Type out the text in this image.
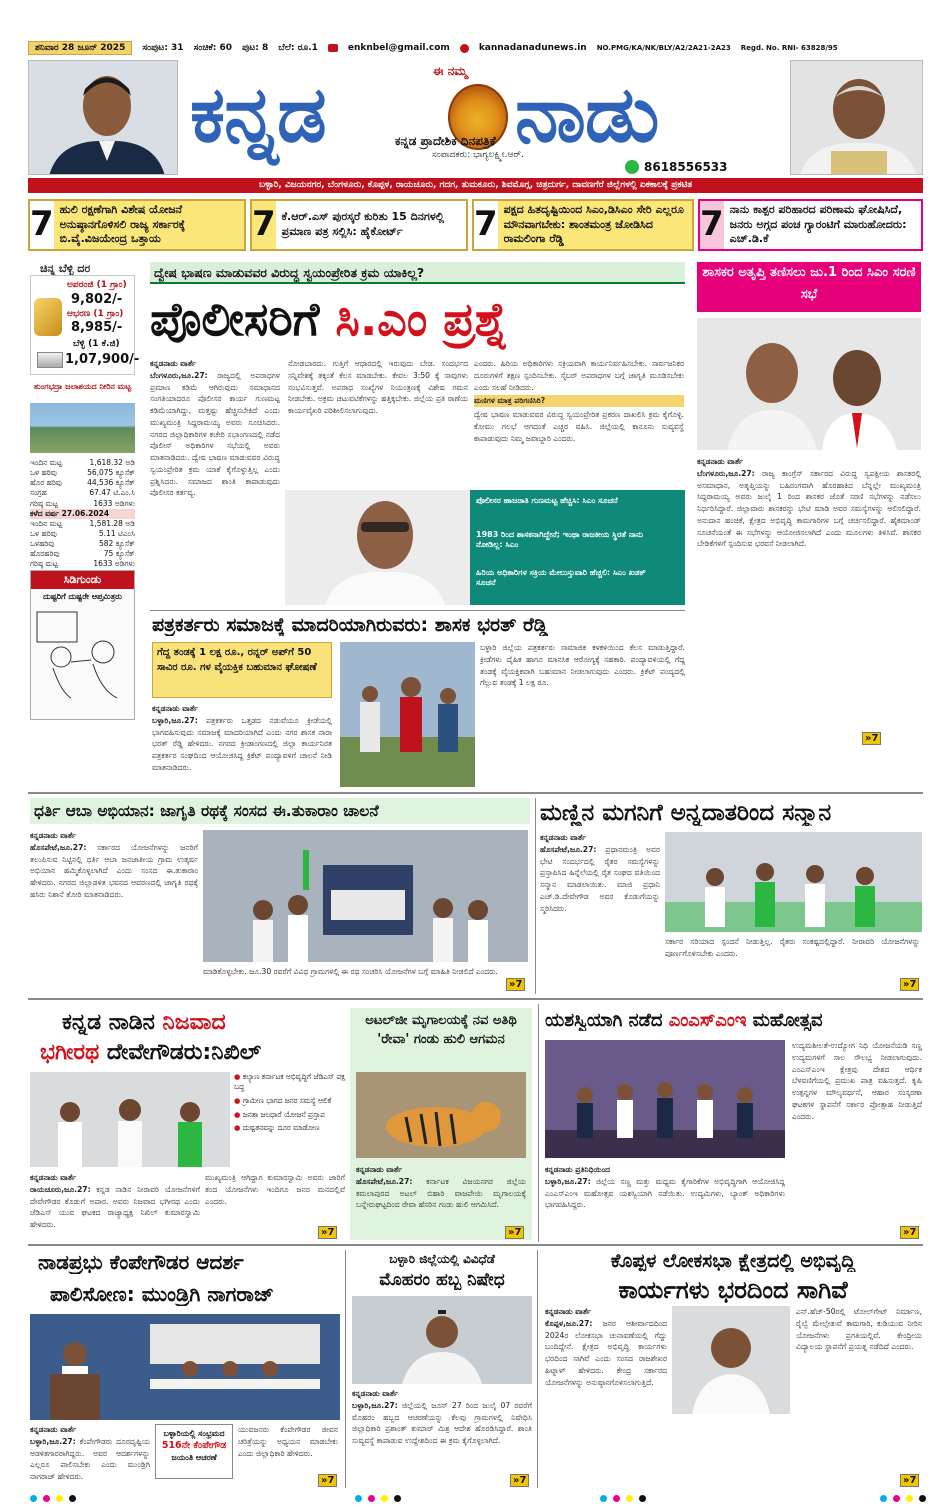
ಶನಿವಾರ 28 ಜೂನ್ 2025	ಸಂಪುಟ: 31 ಸಂಚಿಕೆ: 60 ಪುಟ: 8 ಬೆಲೆ: ರೂ.1	enknbel@gmail.com	kannadanadunews.in NO.PMG/KA/NK/BLY/A2/2A21-2A23 Regd. No. RNI- 63828/95
ಈ ನಮ್ಮ
ಕನ್ನಡ ನಾಡು
ಕನ್ನಡ ಪ್ರಾದೇಶಿಕ ದಿನಪತ್ರಿಕೆ
ಸಂಪಾದಕರು: ಭಾಗ್ಯಲಕ್ಷ್ಮೀ.ಆರ್.
8618556533
ಬಳ್ಳಾರಿ, ವಿಜಯನಗರ, ಬೆಂಗಳೂರು, ಕೊಪ್ಪಳ, ರಾಯಚೂರು, ಗದಗ, ತುಮಕೂರು, ಶಿವಮೊಗ್ಗ, ಚಿತ್ರದುರ್ಗ, ದಾವಣಗೆರೆ ಜಿಲ್ಲೆಗಳಲ್ಲಿ ಏಕಕಾಲಕ್ಕೆ ಪ್ರಕಟಿತ
7 ಹುಲಿ ರಕ್ಷಣೆಗಾಗಿ ವಿಶೇಷ ಯೋಜನೆ ಅನುಷ್ಠಾನಗೊಳಿಸಲಿ ರಾಜ್ಯ ಸರ್ಕಾರಕ್ಕೆ ಬಿ.ವೈ.ವಿಜಯೇಂದ್ರ ಒತ್ತಾಯ	7 ಕೆ.ಆರ್.ಎಸ್ ಪುರಸ್ಕರೆ ಕುರಿತು 15 ದಿನಗಳಲ್ಲಿ ಪ್ರಮಾಣ ಪತ್ರ ಸಲ್ಲಿಸಿ: ಹೈಕೋರ್ಟ್	7 ಪಕ್ಷದ ಹಿತದೃಷ್ಟಿಯಿಂದ ಸಿಎಂ,ಡಿಸಿಎಂ ಸೇರಿ ಎಲ್ಲರೂ ಮೌನವಾಗಬೇಕು: ಶಾಂತಮಂತ್ರ ಜೋಡಿಸಿದ ರಾಮಲಿಂಗಾ ರೆಡ್ಡಿ	7 ನಾನು ಕಾಶ್ಪರ ಪರಿಹಾರದ ಪರಿಣಾಮ ಘೋಷಿಸಿದೆ, ಜನರು ಅಗ್ಗದ ಪಂಚ ಗ್ಯಾರಂಟಿಗೆ ಮಾರುಹೋದರು: ಎಚ್.ಡಿ.ಕೆ
ಚಿನ್ನ ಬೆಳ್ಳಿ ದರ
ಅಪರಂಜಿ (1 ಗ್ರಾಂ)
9,802/-
ಆಭರಣ (1 ಗ್ರಾಂ)
8,985/-
ಬೆಳ್ಳಿ (1 ಕೆ.ಜಿ)
1,07,900/-
ತುಂಗಭದ್ರಾ ಜಲಾಶಯದ ನೀರಿನ ಮಟ್ಟ
ಇಂದಿನ ಮಟ್ಟ	1,618.32 ಅಡಿ
ಒಳ ಹರಿವು	56,075 ಕ್ಯೂಸೆಕ್
ಹೊರ ಹರಿವು	44,536 ಕ್ಯೂಸೆಕ್
ಸಂಗ್ರಹ	67.47 ಟಿ.ಎಂ.ಸಿ
ಗರಿಷ್ಠ ಮಟ್ಟ	1633 ಅಡಿಗಳು
ಕಳೆದ ವರ್ಷ 27.06.2024
ಇಂದಿನ ಮಟ್ಟ	1,581.28 ಅಡಿ
ಒಳ ಹರಿವು	5.11 ಟಿಎಂಸಿ
ಒಳಹರಿವು	582 ಕ್ಯೂಸೆಕ್
ಹೊರಹರಿವು	75 ಕ್ಯೂಸೆಕ್
ಗರಿಷ್ಠ ಮಟ್ಟ	1633 ಅಡಿಗಳು
ಸಿಡಿಗುಂಡು
ದುಷ್ಟರಿಗೆ ದುಷ್ಟರೇ ಆಪ್ತಮಿತ್ರರು
ದ್ವೇಷ ಭಾಷಣ ಮಾಡುವವರ ವಿರುದ್ಧ ಸ್ವಯಂಪ್ರೇರಿತ ಕ್ರಮ ಯಾಕಿಲ್ಲ?
ಪೊಲೀಸರಿಗೆ ಸಿ.ಎಂ ಪ್ರಶ್ನೆ
ಕನ್ನಡನಾಡು ವಾರ್ತೆ
ಬೆಂಗಳೂರು,ಜೂ.27: ರಾಜ್ಯದಲ್ಲಿ ಅಪರಾಧಗಳ ಪ್ರಮಾಣ ಕಡಿಮೆ ಆಗಿರುವುದು ಸಮಾಧಾನದ ಸಂಗತಿಯಾದರೂ ಪೊಲೀಸರ ಕಾರ್ಯ ಗುಣಮಟ್ಟ ಕಡಿಮೆಯಾಗಿದ್ದು, ಮತ್ತಷ್ಟು ಹೆಚ್ಚಿಸಬೇಕಿದೆ ಎಂದು ಮುಖ್ಯಮಂತ್ರಿ ಸಿದ್ದರಾಮಯ್ಯ ಅವರು ಸೂಚಿಸಿದರು. ನಗರದ ಜಿಲ್ಲಾಧಿಕಾರಿಗಳ ಕಚೇರಿ ಸಭಾಂಗಣದಲ್ಲಿ ನಡೆದ ಪೊಲೀಸ್ ಅಧಿಕಾರಿಗಳ ಸಭೆಯಲ್ಲಿ ಅವರು ಮಾತನಾಡಿದರು. ದ್ವೇಷ ಭಾಷಣ ಮಾಡುವವರ ವಿರುದ್ಧ ಸ್ವಯಂಪ್ರೇರಿತ ಕ್ರಮ ಯಾಕೆ ಕೈಗೊಳ್ಳುತ್ತಿಲ್ಲ ಎಂದು ಪ್ರಶ್ನಿಸಿದರು. ಸಮಾಜದ ಶಾಂತಿ ಕಾಪಾಡುವುದು ಪೊಲೀಸರ ಕರ್ತವ್ಯ.
ನೋಡಬಾರದು. ಗುತ್ತಿಗೆ ಆಧಾರದಲ್ಲಿ ಇರುವುದು ಬೇಡ. ಸಂದರ್ಭದ ಸನ್ನಿವೇಶಕ್ಕೆ ತಕ್ಕಂತೆ ಕೆಲಸ ಮಾಡಬೇಕು. ಕೇವಲ 3:50 ಕ್ಕೆ ಸಾವುಗಳು ಸಂಭವಿಸುತ್ತವೆ. ಅಪರಾಧ ಸಂಖ್ಯೆಗಳ ನಿಯಂತ್ರಣಕ್ಕೆ ವಿಶೇಷ ಗಮನ ನೀಡಬೇಕು. ಅಕ್ರಮ ಚಟುವಟಿಕೆಗಳನ್ನು ಹತ್ತಿಕ್ಕಬೇಕು. ಜಿಲ್ಲೆಯ ಪ್ರತಿ ಠಾಣೆಯ ಕಾರ್ಯವೈಖರಿ ಪರಿಶೀಲಿಸಲಾಗುವುದು.
ಎಂದರು. ಹಿರಿಯ ಅಧಿಕಾರಿಗಳು ಸಕ್ರಿಯವಾಗಿ ಕಾರ್ಯನಿರ್ವಹಿಸಬೇಕು. ಸಾರ್ವಜನಿಕರ ದೂರುಗಳಿಗೆ ತಕ್ಷಣ ಸ್ಪಂದಿಸಬೇಕು. ಸೈಬರ್ ಅಪರಾಧಗಳ ಬಗ್ಗೆ ಜಾಗೃತಿ ಮೂಡಿಸಬೇಕು ಎಂದು ಸಲಹೆ ನೀಡಿದರು.
ಮಣಿಗಳ ಮಾತ್ರ ಪರಿಗಣಿಸಿರಿ?
ದ್ವೇಷ ಭಾಷಣ ಮಾಡುವವರ ವಿರುದ್ಧ ಸ್ವಯಂಪ್ರೇರಿತ ಪ್ರಕರಣ ದಾಖಲಿಸಿ ಕ್ರಮ ಕೈಗೊಳ್ಳಿ. ಕೋಮು ಗಲಭೆ ಆಗದಂತೆ ಎಚ್ಚರ ವಹಿಸಿ. ಜಿಲ್ಲೆಯಲ್ಲಿ ಕಾನೂನು ಸುವ್ಯವಸ್ಥೆ ಕಾಪಾಡುವುದು ನಿಮ್ಮ ಜವಾಬ್ದಾರಿ ಎಂದರು.
ಪೊಲೀಸರ ಹಾಜರಾತಿ ಗುಣಮಟ್ಟ ಹೆಚ್ಚಿಸಿ: ಸಿಎಂ ಸೂಚನೆ
1983 ರಿಂದ ಶಾಸಕನಾಗಿದ್ದೇನೆ; ಇಂಥಾ ರಾಜಕೀಯ ಸ್ಥಿರತೆ ನಾನು ನೋಡಿಲ್ಲ: ಸಿಎಂ
ಹಿರಿಯ ಅಧಿಕಾರಿಗಳ ಸಕ್ರಿಯ ಮೇಲುಸ್ತುವಾರಿ ಹೆಚ್ಚಲಿ: ಸಿಎಂ ಖಡಕ್ ಸೂಚನೆ
ಶಾಸಕರ ಅತೃಪ್ತಿ ತಣಿಸಲು ಜು.1 ರಿಂದ ಸಿಎಂ ಸರಣಿ ಸಭೆ
ಕನ್ನಡನಾಡು ವಾರ್ತೆ
ಬೆಂಗಳೂರು,ಜೂ.27: ರಾಜ್ಯ ಕಾಂಗ್ರೆಸ್ ಸರ್ಕಾರದ ವಿರುದ್ಧ ಸ್ವಪಕ್ಷೀಯ ಶಾಸಕರಲ್ಲಿ ಅಸಮಾಧಾನ, ಅತೃಪ್ತಿಯನ್ನು ಬಹಿರಂಗವಾಗಿ ಹೊರಹಾಕಿದ ಬೆನ್ನಲ್ಲೇ ಮುಖ್ಯಮಂತ್ರಿ ಸಿದ್ದರಾಮಯ್ಯ ಅವರು ಜುಲೈ 1 ರಿಂದ ಶಾಸಕರ ಜೊತೆ ಸರಣಿ ಸಭೆಗಳನ್ನು ನಡೆಸಲು ನಿರ್ಧರಿಸಿದ್ದಾರೆ. ಜಿಲ್ಲಾವಾರು ಶಾಸಕರನ್ನು ಭೇಟಿ ಮಾಡಿ ಅವರ ಸಮಸ್ಯೆಗಳನ್ನು ಆಲಿಸಲಿದ್ದಾರೆ. ಅನುದಾನ ಹಂಚಿಕೆ, ಕ್ಷೇತ್ರದ ಅಭಿವೃದ್ಧಿ ಕಾಮಗಾರಿಗಳ ಬಗ್ಗೆ ಚರ್ಚಿಸಲಿದ್ದಾರೆ. ಹೈಕಮಾಂಡ್ ಸೂಚನೆಯಂತೆ ಈ ಸಭೆಗಳನ್ನು ಆಯೋಜಿಸಲಾಗಿದೆ ಎಂದು ಮೂಲಗಳು ತಿಳಿಸಿವೆ. ಶಾಸಕರ ಬೇಡಿಕೆಗಳಿಗೆ ಸ್ಪಂದಿಸುವ ಭರವಸೆ ನೀಡಲಾಗಿದೆ.
»7
ಪತ್ರಕರ್ತರು ಸಮಾಜಕ್ಕೆ ಮಾದರಿಯಾಗಿರುವರು: ಶಾಸಕ ಭರತ್ ರೆಡ್ಡಿ
ಗೆದ್ದ ತಂಡಕ್ಕೆ 1 ಲಕ್ಷ ರೂ., ರನ್ನರ್ ಅಪ್‌ಗೆ 50 ಸಾವಿರ ರೂ. ಗಳ ವೈಯಕ್ತಿಕ ಬಹುಮಾನ ಘೋಷಣೆ
ಕನ್ನಡನಾಡು ವಾರ್ತೆ
ಬಳ್ಳಾರಿ,ಜೂ.27: ಪತ್ರಕರ್ತರು ಒತ್ತಡದ ನಡುವೆಯೂ ಕ್ರೀಡೆಯಲ್ಲಿ ಭಾಗವಹಿಸುವುದು ಸಮಾಜಕ್ಕೆ ಮಾದರಿಯಾಗಿದೆ ಎಂದು ನಗರ ಶಾಸಕ ನಾರಾ ಭರತ್ ರೆಡ್ಡಿ ಹೇಳಿದರು. ನಗರದ ಕ್ರೀಡಾಂಗಣದಲ್ಲಿ ಜಿಲ್ಲಾ ಕಾರ್ಯನಿರತ ಪತ್ರಕರ್ತರ ಸಂಘದಿಂದ ಆಯೋಜಿಸಿದ್ದ ಕ್ರಿಕೆಟ್ ಪಂದ್ಯಾವಳಿಗೆ ಚಾಲನೆ ನೀಡಿ ಮಾತನಾಡಿದರು.
ಬಳ್ಳಾರಿ ಜಿಲ್ಲೆಯ ಪತ್ರಕರ್ತರು ಸಾಮಾಜಿಕ ಕಳಕಳಿಯಿಂದ ಕೆಲಸ ಮಾಡುತ್ತಿದ್ದಾರೆ. ಕ್ರೀಡೆಗಳು ದೈಹಿಕ ಹಾಗೂ ಮಾನಸಿಕ ಆರೋಗ್ಯಕ್ಕೆ ಸಹಕಾರಿ. ಪಂದ್ಯಾವಳಿಯಲ್ಲಿ ಗೆದ್ದ ತಂಡಕ್ಕೆ ವೈಯಕ್ತಿಕವಾಗಿ ಬಹುಮಾನ ನೀಡಲಾಗುವುದು ಎಂದರು. ಕ್ರಿಕೆಟ್ ಪಂದ್ಯದಲ್ಲಿ ಗೆಲ್ಲುವ ತಂಡಕ್ಕೆ 1 ಲಕ್ಷ ರೂ.
ಧರ್ತಿ ಆಬಾ ಅಭಿಯಾನ: ಜಾಗೃತಿ ರಥಕ್ಕೆ ಸಂಸದ ಈ.ತುಕಾರಾಂ ಚಾಲನೆ
ಕನ್ನಡನಾಡು ವಾರ್ತೆ
ಹೊಸಪೇಟೆ,ಜೂ.27: ಸರ್ಕಾರದ ಯೋಜನೆಗಳನ್ನು ಜನರಿಗೆ ತಲುಪಿಸುವ ನಿಟ್ಟಿನಲ್ಲಿ ಧರ್ತಿ ಆಬಾ ಜನಜಾತೀಯ ಗ್ರಾಮ ಉತ್ಕರ್ಷ ಅಭಿಯಾನ ಹಮ್ಮಿಕೊಳ್ಳಲಾಗಿದೆ ಎಂದು ಸಂಸದ ಈ.ತುಕಾರಾಂ ಹೇಳಿದರು. ನಗರದ ಜಿಲ್ಲಾಡಳಿತ ಭವನದ ಆವರಣದಲ್ಲಿ ಜಾಗೃತಿ ರಥಕ್ಕೆ ಹಸಿರು ನಿಶಾನೆ ತೋರಿ ಮಾತನಾಡಿದರು.
ಮಾಡಿಕೊಳ್ಳಬೇಕು. ಜೂ.30 ರವರೆಗೆ ವಿವಿಧ ಗ್ರಾಮಗಳಲ್ಲಿ ಈ ರಥ ಸಂಚರಿಸಿ ಯೋಜನೆಗಳ ಬಗ್ಗೆ ಮಾಹಿತಿ ನೀಡಲಿದೆ ಎಂದರು.
»7
ಮಣ್ಣಿನ ಮಗನಿಗೆ ಅನ್ನದಾತರಿಂದ ಸನ್ಮಾನ
ಕನ್ನಡನಾಡು ವಾರ್ತೆ
ಹೊಸಪೇಟೆ,ಜೂ.27: ಪ್ರಧಾನಮಂತ್ರಿ ಅವರ ಭೇಟಿ ಸಂದರ್ಭದಲ್ಲಿ ರೈತರ ಸಮಸ್ಯೆಗಳನ್ನು ಪ್ರಸ್ತಾಪಿಸಿದ ಹಿನ್ನೆಲೆಯಲ್ಲಿ ರೈತ ಸಂಘದ ವತಿಯಿಂದ ಸನ್ಮಾನ ಮಾಡಲಾಯಿತು. ಮಾಜಿ ಪ್ರಧಾನಿ ಎಚ್.ಡಿ.ದೇವೇಗೌಡ ಅವರ ಕೊಡುಗೆಯನ್ನು ಸ್ಮರಿಸಿದರು.
ಸರ್ಕಾರ ಸರಿಯಾದ ಸ್ಪಂದನೆ ನೀಡುತ್ತಿಲ್ಲ. ರೈತರು ಸಂಕಷ್ಟದಲ್ಲಿದ್ದಾರೆ. ನೀರಾವರಿ ಯೋಜನೆಗಳನ್ನು ಪೂರ್ಣಗೊಳಿಸಬೇಕು ಎಂದರು.
»7
ಕನ್ನಡ ನಾಡಿನ ನಿಜವಾದ
ಭಗೀರಥ ದೇವೇಗೌಡರು:ನಿಖಿಲ್
● ಕಲ್ಯಾಣ ಕರ್ನಾಟಕ ಅಭಿವೃದ್ಧಿಗೆ ಜೆಡಿಎಸ್ ಪಕ್ಷ ಬದ್ಧ
● ಗ್ರಾಮೀಣ ಭಾಗದ ಜನರ ಸಮಸ್ಯೆ ಆಲಿಕೆ
● ಜನತಾ ಜಲಧಾರೆ ಯೋಜನೆ ಪ್ರಸ್ತಾಪ
● ದುಷ್ಟತನವನ್ನು ದೂರ ಮಾಡೋಣ
ಕನ್ನಡನಾಡು ವಾರ್ತೆ
ರಾಯಚೂರು,ಜೂ.27: ಕನ್ನಡ ನಾಡಿನ ನೀರಾವರಿ ಯೋಜನೆಗಳಿಗೆ ದೇವೇಗೌಡರ ಕೊಡುಗೆ ಅಪಾರ. ಅವರು ನಿಜವಾದ ಭಗೀರಥ ಎಂದು ಜೆಡಿಎಸ್ ಯುವ ಘಟಕದ ರಾಜ್ಯಾಧ್ಯಕ್ಷ ನಿಖಿಲ್ ಕುಮಾರಸ್ವಾಮಿ ಹೇಳಿದರು.
ಮುಖ್ಯಮಂತ್ರಿ ಆಗಿದ್ದಾಗ ಕುಮಾರಸ್ವಾಮಿ ಅವರು ಜಾರಿಗೆ ತಂದ ಯೋಜನೆಗಳು ಇಂದಿಗೂ ಜನರ ಮನದಲ್ಲಿವೆ ಎಂದರು.
»7
ಅಟಲ್‌ಜೀ ಮೃಗಾಲಯಕ್ಕೆ ನವ ಅತಿಥಿ 'ರೇವಾ' ಗಂಡು ಹುಲಿ ಆಗಮನ
ಕನ್ನಡನಾಡು ವಾರ್ತೆ
ಹೊಸಪೇಟೆ,ಜೂ.27: ಕರ್ನಾಟಕ ವಿಜಯನಗರ ಜಿಲ್ಲೆಯ ಕಮಲಾಪುರದ ಅಟಲ್ ಬಿಹಾರಿ ವಾಜಪೇಯಿ ಮೃಗಾಲಯಕ್ಕೆ ಬನ್ನೇರುಘಟ್ಟದಿಂದ ರೇವಾ ಹೆಸರಿನ ಗಂಡು ಹುಲಿ ಆಗಮಿಸಿದೆ.
»7
ಯಶಸ್ವಿಯಾಗಿ ನಡೆದ ಎಂಎಸ್ಎಂಇ ಮಹೋತ್ಸವ
ಕನ್ನಡನಾಡು ಪ್ರತಿನಿಧಿಯಿಂದ
ಬಳ್ಳಾರಿ,ಜೂ.27: ಜಿಲ್ಲೆಯ ಸಣ್ಣ ಮತ್ತು ಮಧ್ಯಮ ಕೈಗಾರಿಕೆಗಳ ಅಭಿವೃದ್ಧಿಗಾಗಿ ಆಯೋಜಿಸಿದ್ದ ಎಂಎಸ್ಎಂಇ ಮಹೋತ್ಸವ ಯಶಸ್ವಿಯಾಗಿ ನಡೆಯಿತು. ಉದ್ಯಮಿಗಳು, ಬ್ಯಾಂಕ್ ಅಧಿಕಾರಿಗಳು ಭಾಗವಹಿಸಿದ್ದರು.
ಉದ್ಯಮಶೀಲತೆ-ಉದ್ಯೋಗ ನಿಧಿ ಯೋಜನೆಯಡಿ ಸಣ್ಣ ಉದ್ಯಮಗಳಿಗೆ ಸಾಲ ಸೌಲಭ್ಯ ನೀಡಲಾಗುವುದು. ಎಂಎಸ್ಎಂಇ ಕ್ಷೇತ್ರವು ದೇಶದ ಆರ್ಥಿಕ ಬೆಳವಣಿಗೆಯಲ್ಲಿ ಪ್ರಮುಖ ಪಾತ್ರ ವಹಿಸುತ್ತದೆ. ಕೃಷಿ ಉತ್ಪನ್ನಗಳ ಮೌಲ್ಯವರ್ಧನೆ, ಆಹಾರ ಸಂಸ್ಕರಣಾ ಘಟಕಗಳ ಸ್ಥಾಪನೆಗೆ ಸರ್ಕಾರ ಪ್ರೋತ್ಸಾಹ ನೀಡುತ್ತಿದೆ ಎಂದರು.
»7
ನಾಡಪ್ರಭು ಕೆಂಪೇಗೌಡರ ಆದರ್ಶ
ಪಾಲಿಸೋಣ: ಮುಂಡ್ರಿಗಿ ನಾಗರಾಜ್
ಕನ್ನಡನಾಡು ವಾರ್ತೆ
ಬಳ್ಳಾರಿ,ಜೂ.27: ಕೆಂಪೇಗೌಡರು ದೂರದೃಷ್ಟಿಯ ಆಡಳಿತಗಾರರಾಗಿದ್ದರು. ಅವರ ಆದರ್ಶಗಳನ್ನು ಎಲ್ಲರೂ ಪಾಲಿಸಬೇಕು ಎಂದು ಮುಂಡ್ರಿಗಿ ನಾಗರಾಜ್ ಹೇಳಿದರು.
ಬಳ್ಳಾರಿಯಲ್ಲಿ ಸಂಭ್ರಮದ
516ನೇ ಕೆಂಪೇಗೌಡ
ಜಯಂತಿ ಆಚರಣೆ
ಯುವಜನರು ಕೆಂಪೇಗೌಡರ ಜೀವನ ಚರಿತ್ರೆಯನ್ನು ಅಧ್ಯಯನ ಮಾಡಬೇಕು ಎಂದು ಜಿಲ್ಲಾಧಿಕಾರಿ ಹೇಳಿದರು.
»7
ಬಳ್ಳಾರಿ ಜಿಲ್ಲೆಯಲ್ಲಿ ವಿವಿಧೆಡೆ
ಮೊಹರಂ ಹಬ್ಬ ನಿಷೇಧ
ಕನ್ನಡನಾಡು ವಾರ್ತೆ
ಬಳ್ಳಾರಿ,ಜೂ.27: ಜಿಲ್ಲೆಯಲ್ಲಿ ಜೂನ್ 27 ರಿಂದ ಜುಲೈ 07 ರವರೆಗೆ ಮೊಹರಂ ಹಬ್ಬದ ಆಚರಣೆಯನ್ನು ಕೆಲವು ಗ್ರಾಮಗಳಲ್ಲಿ ನಿಷೇಧಿಸಿ ಜಿಲ್ಲಾಧಿಕಾರಿ ಪ್ರಶಾಂತ್ ಕುಮಾರ್ ಮಿಶ್ರ ಆದೇಶ ಹೊರಡಿಸಿದ್ದಾರೆ. ಶಾಂತಿ ಸುವ್ಯವಸ್ಥೆ ಕಾಪಾಡುವ ಉದ್ದೇಶದಿಂದ ಈ ಕ್ರಮ ಕೈಗೊಳ್ಳಲಾಗಿದೆ.
»7
ಕೊಪ್ಪಳ ಲೋಕಸಭಾ ಕ್ಷೇತ್ರದಲ್ಲಿ ಅಭಿವೃದ್ಧಿ
ಕಾರ್ಯಗಳು ಭರದಿಂದ ಸಾಗಿವೆ
ಕನ್ನಡನಾಡು ವಾರ್ತೆ
ಕೊಪ್ಪಳ,ಜೂ.27: ಜನರ ಆಶೀರ್ವಾದದಿಂದ 2024ರ ಲೋಕಸಭಾ ಚುನಾವಣೆಯಲ್ಲಿ ಗೆದ್ದು ಬಂದಿದ್ದೇನೆ. ಕ್ಷೇತ್ರದ ಅಭಿವೃದ್ಧಿ ಕಾರ್ಯಗಳು ಭರದಿಂದ ಸಾಗಿವೆ ಎಂದು ಸಂಸದ ರಾಜಶೇಖರ ಹಿಟ್ನಾಳ್ ಹೇಳಿದರು. ಕೇಂದ್ರ ಸರ್ಕಾರದ ಯೋಜನೆಗಳನ್ನು ಅನುಷ್ಠಾನಗೊಳಿಸಲಾಗುತ್ತಿದೆ.
ಎನ್.ಹೆಚ್-50ರಲ್ಲಿ ಟೋಲ್‌ಗೇಟ್ ನಿರ್ಮಾಣ, ರೈಲ್ವೆ ಮೇಲ್ಸೇತುವೆ ಕಾಮಗಾರಿ, ಕುಡಿಯುವ ನೀರಿನ ಯೋಜನೆಗಳು ಪ್ರಗತಿಯಲ್ಲಿವೆ. ಕೇಂದ್ರೀಯ ವಿದ್ಯಾಲಯ ಸ್ಥಾಪನೆಗೆ ಪ್ರಯತ್ನ ನಡೆದಿದೆ ಎಂದರು.
»7
